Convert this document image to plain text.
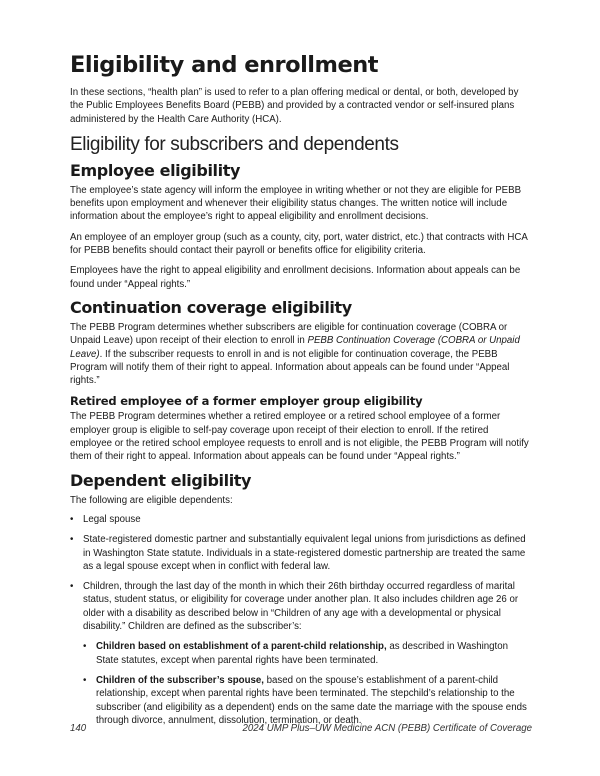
Eligibility and enrollment

In these sections, “health plan” is used to refer to a plan offering medical or dental, or both, developed by the Public Employees Benefits Board (PEBB) and provided by a contracted vendor or self-insured plans administered by the Health Care Authority (HCA).

Eligibility for subscribers and dependents
Employee eligibility

The employee’s state agency will inform the employee in writing whether or not they are eligible for PEBB benefits upon employment and whenever their eligibility status changes. The written notice will include information about the employee’s right to appeal eligibility and enrollment decisions.

An employee of an employer group (such as a county, city, port, water district, etc.) that contracts with HCA for PEBB benefits should contact their payroll or benefits office for eligibility criteria.

Employees have the right to appeal eligibility and enrollment decisions. Information about appeals can be found under “Appeal rights.”

Continuation coverage eligibility

The PEBB Program determines whether subscribers are eligible for continuation coverage (COBRA or Unpaid Leave) upon receipt of their election to enroll in PEBB Continuation Coverage (COBRA or Unpaid Leave). If the subscriber requests to enroll in and is not eligible for continuation coverage, the PEBB Program will notify them of their right to appeal. Information about appeals can be found under “Appeal rights.”

Retired employee of a former employer group eligibility

The PEBB Program determines whether a retired employee or a retired school employee of a former employer group is eligible to self-pay coverage upon receipt of their election to enroll. If the retired employee or the retired school employee requests to enroll and is not eligible, the PEBB Program will notify them of their right to appeal. Information about appeals can be found under “Appeal rights.”

Dependent eligibility

The following are eligible dependents:

• Legal spouse
• State-registered domestic partner and substantially equivalent legal unions from jurisdictions as defined in Washington State statute. Individuals in a state-registered domestic partnership are treated the same as a legal spouse except when in conflict with federal law.
• Children, through the last day of the month in which their 26th birthday occurred regardless of marital status, student status, or eligibility for coverage under another plan. It also includes children age 26 or older with a disability as described below in “Children of any age with a developmental or physical disability.” Children are defined as the subscriber’s:
• Children based on establishment of a parent-child relationship, as described in Washington State statutes, except when parental rights have been terminated.
• Children of the subscriber’s spouse, based on the spouse’s establishment of a parent-child relationship, except when parental rights have been terminated. The stepchild’s relationship to the subscriber (and eligibility as a dependent) ends on the same date the marriage with the spouse ends through divorce, annulment, dissolution, termination, or death.
140	2024 UMP Plus–UW Medicine ACN (PEBB) Certificate of Coverage
